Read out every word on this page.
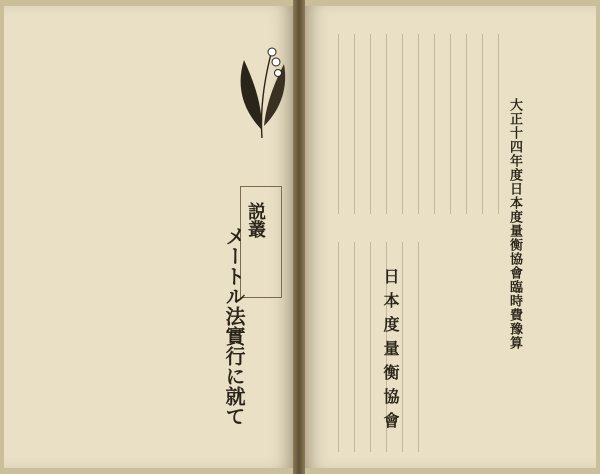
説叢
メートル法實行に就て	大正十四年度日本度量衡協會臨時費豫算

日本度量衡協會
